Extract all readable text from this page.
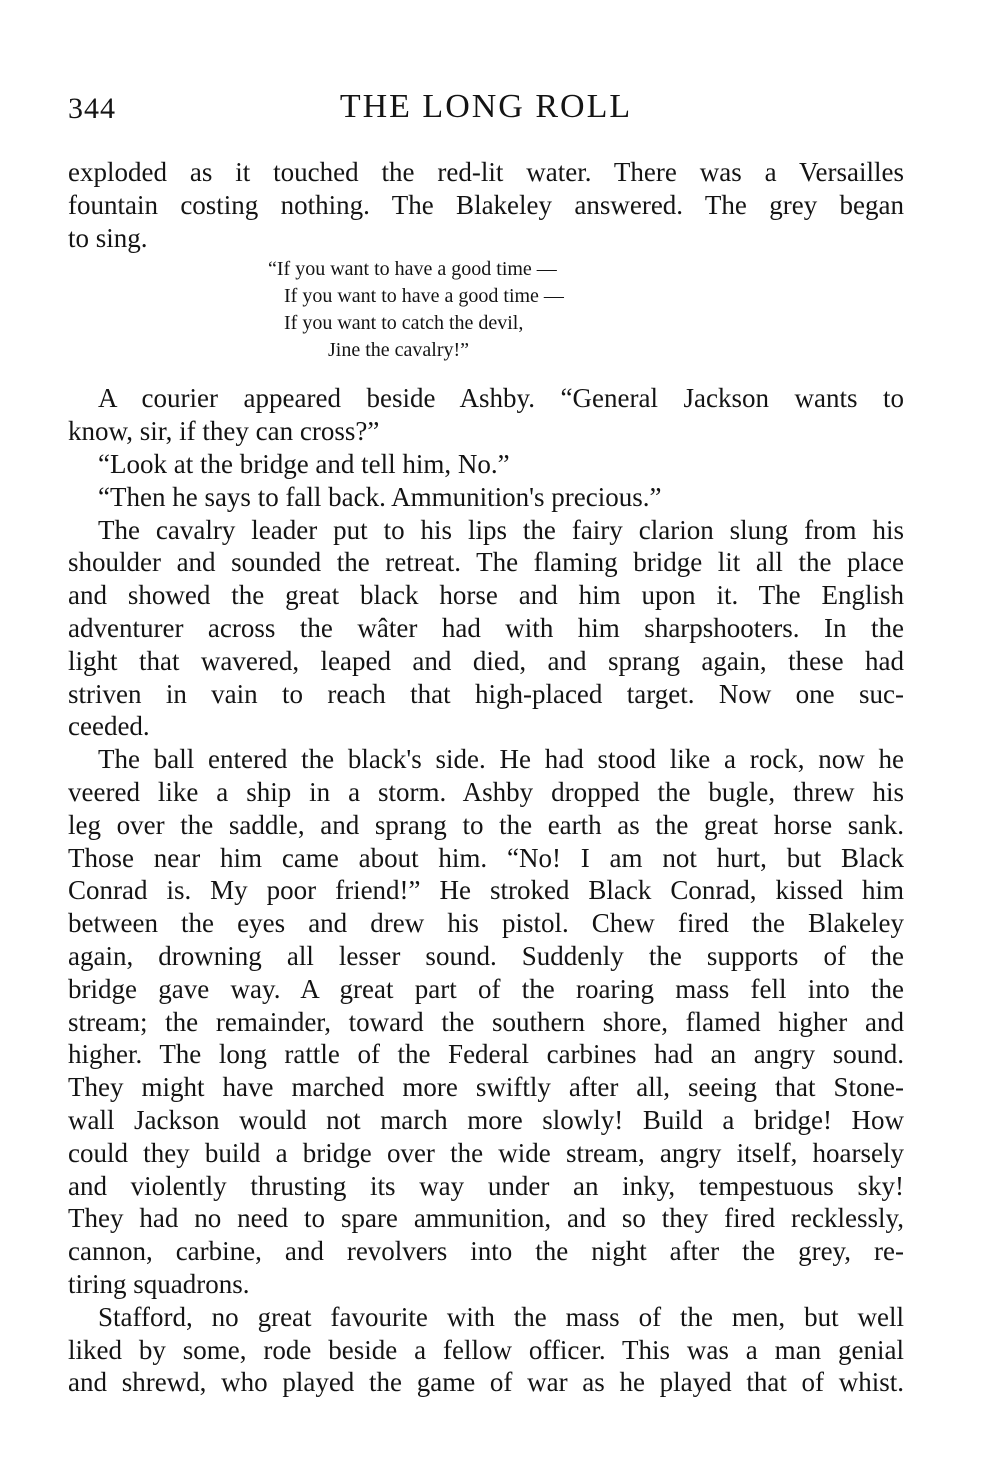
344	THE LONG ROLL
exploded as it touched the red-lit water. There was a Versailles
fountain costing nothing. The Blakeley answered. The grey began
to sing.
“If you want to have a good time —
If you want to have a good time —
If you want to catch the devil,
Jine the cavalry!”
A courier appeared beside Ashby. “General Jackson wants to
know, sir, if they can cross?”
“Look at the bridge and tell him, No.”
“Then he says to fall back. Ammunition's precious.”
The cavalry leader put to his lips the fairy clarion slung from his
shoulder and sounded the retreat. The flaming bridge lit all the place
and showed the great black horse and him upon it. The English
adventurer across the wâter had with him sharpshooters. In the
light that wavered, leaped and died, and sprang again, these had
striven in vain to reach that high-placed target. Now one suc-
ceeded.
The ball entered the black's side. He had stood like a rock, now he
veered like a ship in a storm. Ashby dropped the bugle, threw his
leg over the saddle, and sprang to the earth as the great horse sank.
Those near him came about him. “No! I am not hurt, but Black
Conrad is. My poor friend!” He stroked Black Conrad, kissed him
between the eyes and drew his pistol. Chew fired the Blakeley
again, drowning all lesser sound. Suddenly the supports of the
bridge gave way. A great part of the roaring mass fell into the
stream; the remainder, toward the southern shore, flamed higher and
higher. The long rattle of the Federal carbines had an angry sound.
They might have marched more swiftly after all, seeing that Stone-
wall Jackson would not march more slowly! Build a bridge! How
could they build a bridge over the wide stream, angry itself, hoarsely
and violently thrusting its way under an inky, tempestuous sky!
They had no need to spare ammunition, and so they fired recklessly,
cannon, carbine, and revolvers into the night after the grey, re-
tiring squadrons.
Stafford, no great favourite with the mass of the men, but well
liked by some, rode beside a fellow officer. This was a man genial
and shrewd, who played the game of war as he played that of whist.
